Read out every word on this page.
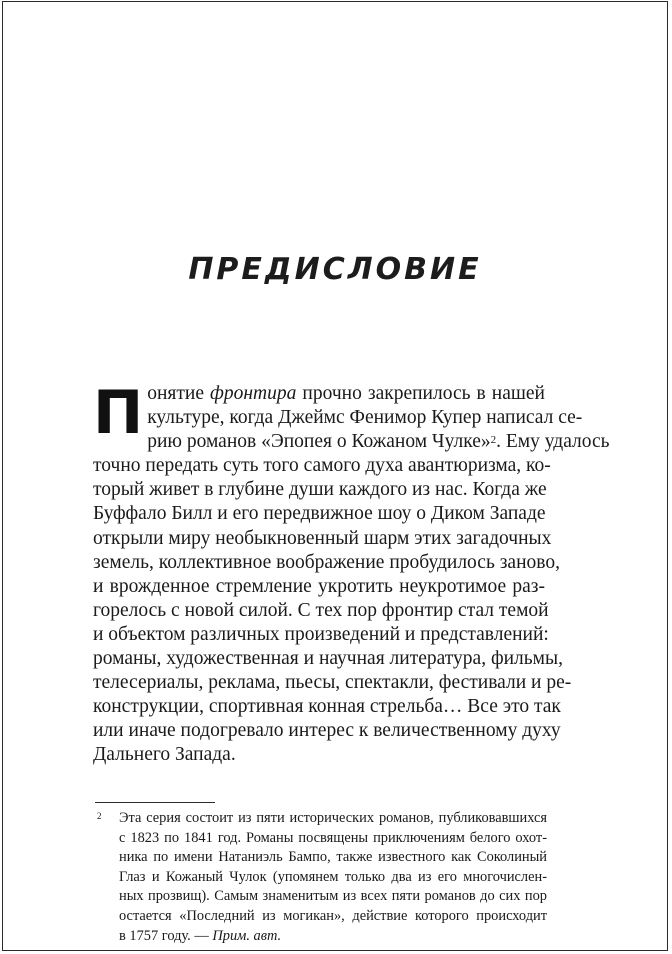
ПРЕДИСЛОВИЕ
П онятие фронтира прочно закрепилось в нашей
культуре, когда Джеймс Фенимор Купер написал се-
рию романов «Эпопея о Кожаном Чулке»$^2$. Ему удалось
точно передать суть того самого духа авантюризма, ко-
торый живет в глубине души каждого из нас. Когда же
Буффало Билл и его передвижное шоу о Диком Западе
открыли миру необыкновенный шарм этих загадочных
земель, коллективное воображение пробудилось заново,
и врожденное стремление укротить неукротимое раз-
горелось с новой силой. С тех пор фронтир стал темой
и объектом различных произведений и представлений:
романы, художественная и научная литература, фильмы,
телесериалы, реклама, пьесы, спектакли, фестивали и ре-
конструкции, спортивная конная стрельба… Все это так
или иначе подогревало интерес к величественному духу
Дальнего Запада.
2 Эта серия состоит из пяти исторических романов, публиковавшихся
с 1823 по 1841 год. Романы посвящены приключениям белого охот-
ника по имени Натаниэль Бампо, также известного как Соколиный
Глаз и Кожаный Чулок (упомянем только два из его многочислен-
ных прозвищ). Самым знаменитым из всех пяти романов до сих пор
остается «Последний из могикан», действие которого происходит
в 1757 году. — Прим. авт.
